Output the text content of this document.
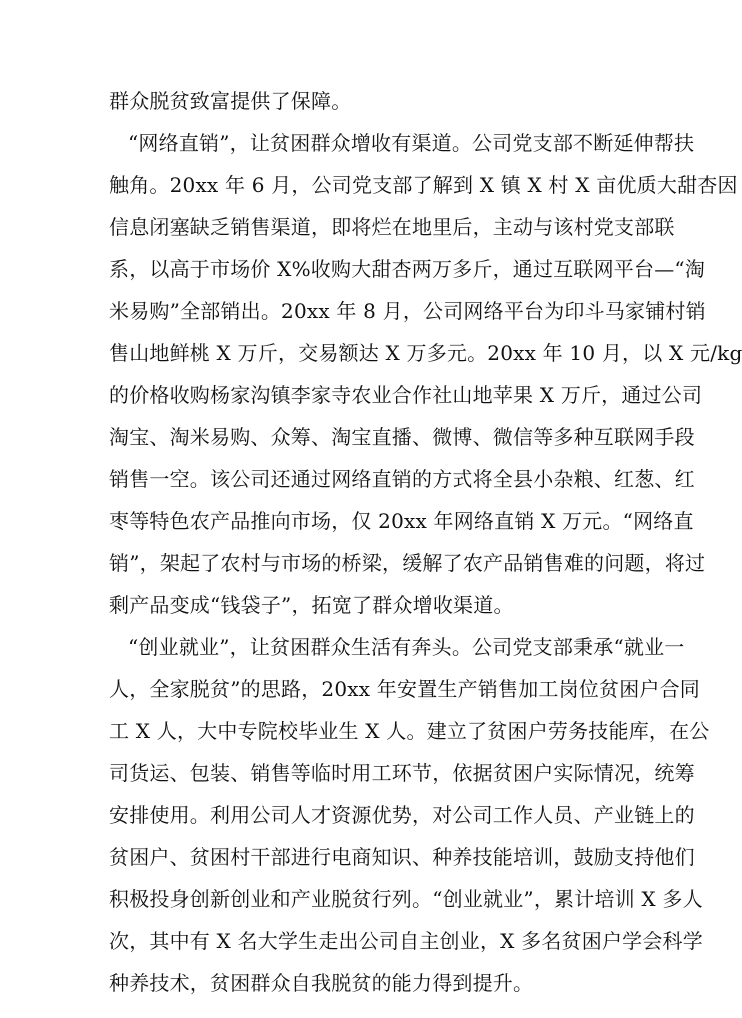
群众脱贫致富提供了保障。
“网络直销”，让贫困群众增收有渠道。公司党支部不断延伸帮扶
触角。20xx 年 6 月，公司党支部了解到 X 镇 X 村 X 亩优质大甜杏因
信息闭塞缺乏销售渠道，即将烂在地里后，主动与该村党支部联
系，以高于市场价 X%收购大甜杏两万多斤，通过互联网平台—“淘
米易购”全部销出。20xx 年 8 月，公司网络平台为印斗马家铺村销
售山地鲜桃 X 万斤，交易额达 X 万多元。20xx 年 10 月，以 X 元/kg
的价格收购杨家沟镇李家寺农业合作社山地苹果 X 万斤，通过公司
淘宝、淘米易购、众筹、淘宝直播、微博、微信等多种互联网手段
销售一空。该公司还通过网络直销的方式将全县小杂粮、红葱、红
枣等特色农产品推向市场，仅 20xx 年网络直销 X 万元。“网络直
销”，架起了农村与市场的桥梁，缓解了农产品销售难的问题，将过
剩产品变成“钱袋子”，拓宽了群众增收渠道。
“创业就业”，让贫困群众生活有奔头。公司党支部秉承“就业一
人，全家脱贫”的思路，20xx 年安置生产销售加工岗位贫困户合同
工 X 人，大中专院校毕业生 X 人。建立了贫困户劳务技能库，在公
司货运、包装、销售等临时用工环节，依据贫困户实际情况，统筹
安排使用。利用公司人才资源优势，对公司工作人员、产业链上的
贫困户、贫困村干部进行电商知识、种养技能培训，鼓励支持他们
积极投身创新创业和产业脱贫行列。“创业就业”，累计培训 X 多人
次，其中有 X 名大学生走出公司自主创业，X 多名贫困户学会科学
种养技术，贫困群众自我脱贫的能力得到提升。
